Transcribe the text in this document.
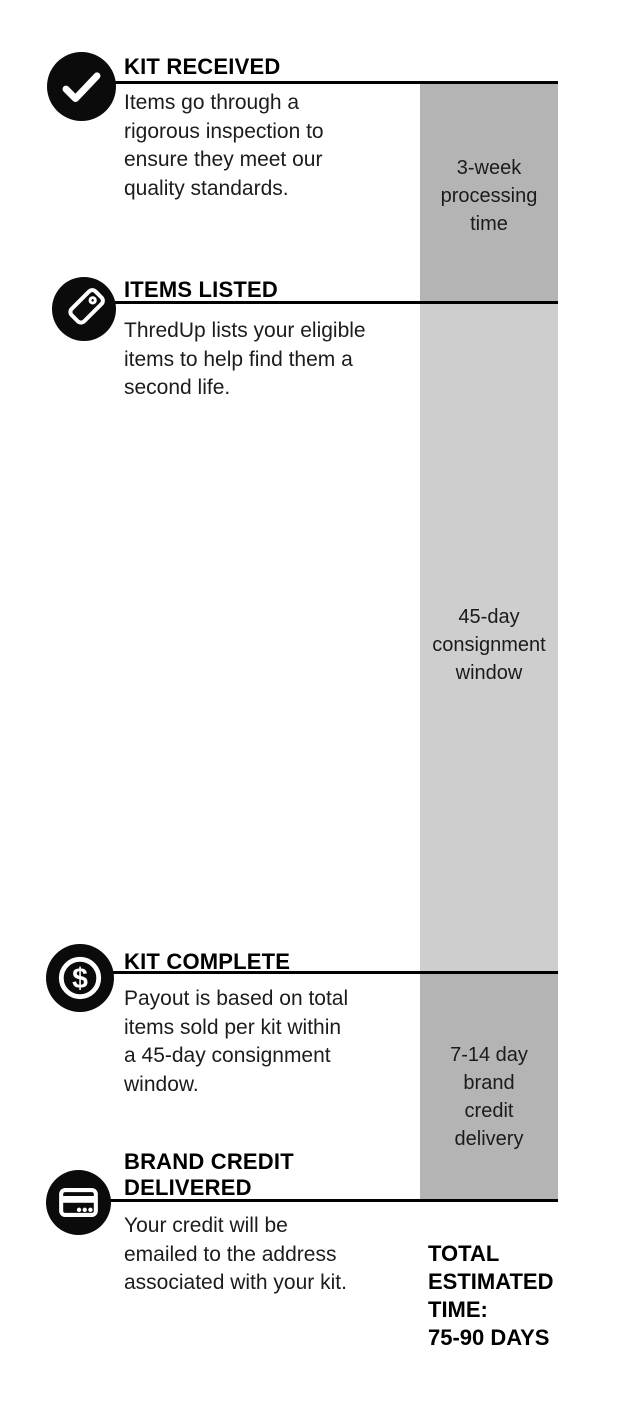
3-week
processing
time
45-day
consignment
window
7-14 day
brand
credit
delivery
KIT RECEIVED
Items go through a
rigorous inspection to
ensure they meet our
quality standards.
ITEMS LISTED
ThredUp lists your eligible
items to help find them a
second life.
$
KIT COMPLETE
Payout is based on total
items sold per kit within
a 45-day consignment
window.
BRAND CREDIT
DELIVERED
Your credit will be
emailed to the address
associated with your kit.
TOTAL
ESTIMATED
TIME:
75-90 DAYS
